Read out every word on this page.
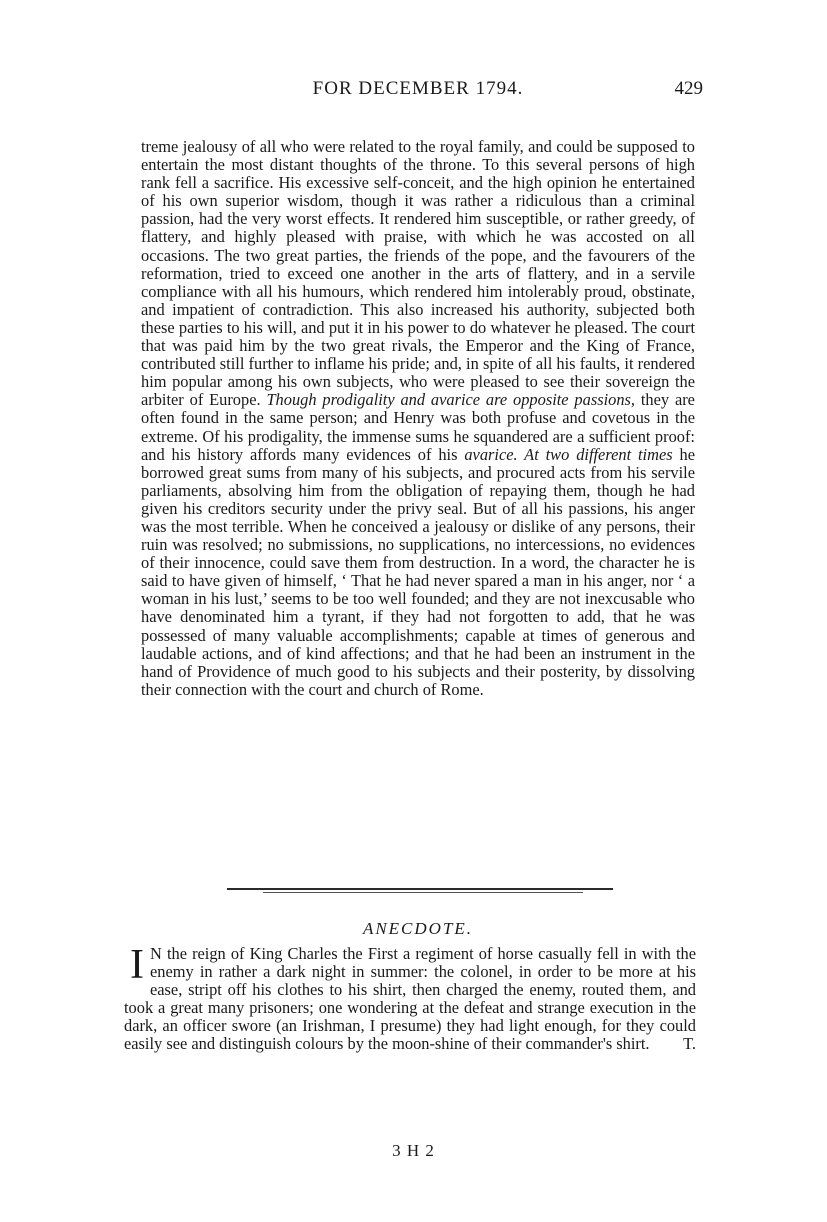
FOR DECEMBER 1794.	429

treme jealousy of all who were related to the royal family, and could be supposed to entertain the most distant thoughts of the throne. To this several persons of high rank fell a sacrifice. His excessive self-conceit, and the high opinion he entertained of his own superior wisdom, though it was rather a ridiculous than a criminal passion, had the very worst effects. It rendered him susceptible, or rather greedy, of flattery, and highly pleased with praise, with which he was accosted on all occasions. The two great parties, the friends of the pope, and the favourers of the reformation, tried to exceed one another in the arts of flattery, and in a servile compliance with all his humours, which rendered him intolerably proud, obstinate, and impatient of contradiction. This also increased his authority, subjected both these parties to his will, and put it in his power to do whatever he pleased. The court that was paid him by the two great rivals, the Emperor and the King of France, contributed still further to inflame his pride; and, in spite of all his faults, it rendered him popular among his own subjects, who were pleased to see their sovereign the arbiter of Europe. Though prodigality and avarice are opposite passions, they are often found in the same person; and Henry was both profuse and covetous in the extreme. Of his prodigality, the immense sums he squandered are a sufficient proof: and his history affords many evidences of his avarice. At two different times he borrowed great sums from many of his subjects, and procured acts from his servile parliaments, absolving him from the obligation of repaying them, though he had given his creditors security under the privy seal. But of all his passions, his anger was the most terrible. When he conceived a jealousy or dislike of any persons, their ruin was resolved; no submissions, no supplications, no intercessions, no evidences of their innocence, could save them from destruction. In a word, the character he is said to have given of himself, ‘ That he had never spared a man in his anger, nor ‘ a woman in his lust,’ seems to be too well founded; and they are not inexcusable who have denominated him a tyrant, if they had not forgotten to add, that he was possessed of many valuable accomplishments; capable at times of generous and laudable actions, and of kind affections; and that he had been an instrument in the hand of Providence of much good to his subjects and their posterity, by dissolving their connection with the court and church of Rome.

ANECDOTE.

I N the reign of King Charles the First a regiment of horse casually fell in with the enemy in rather a dark night in summer: the colonel, in order to be more at his ease, stript off his clothes to his shirt, then charged the enemy, routed them, and took a great many prisoners; one wondering at the defeat and strange execution in the dark, an officer swore (an Irishman, I presume) they had light enough, for they could easily see and distinguish colours by the moon-shine of their commander's shirt. T.

3 H 2
